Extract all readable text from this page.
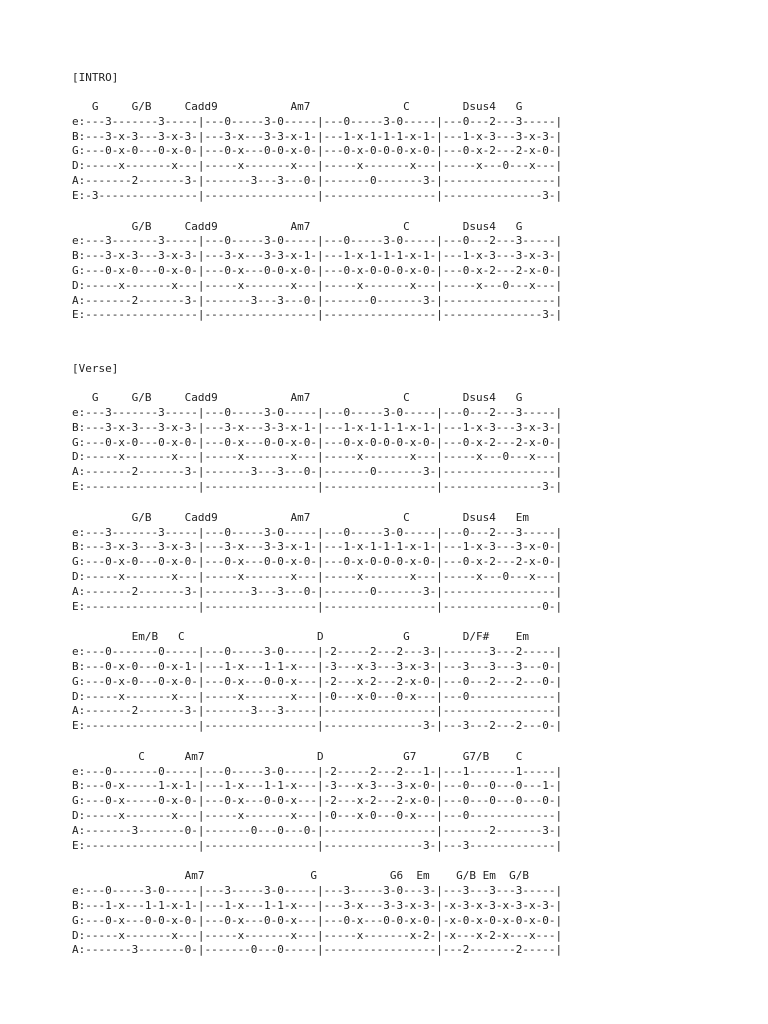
[INTRO]
G     G/B     Cadd9           Am7              C        Dsus4   G
e:---3-------3-----|---0-----3-0-----|---0-----3-0-----|---0---2---3-----|
B:---3-x-3---3-x-3-|---3-x---3-3-x-1-|---1-x-1-1-1-x-1-|---1-x-3---3-x-3-|
G:---0-x-0---0-x-0-|---0-x---0-0-x-0-|---0-x-0-0-0-x-0-|---0-x-2---2-x-0-|
D:-----x-------x---|-----x-------x---|-----x-------x---|-----x---0---x---|
A:-------2-------3-|-------3---3---0-|-------0-------3-|-----------------|
E:-3---------------|-----------------|-----------------|---------------3-|
G/B     Cadd9           Am7              C        Dsus4   G
e:---3-------3-----|---0-----3-0-----|---0-----3-0-----|---0---2---3-----|
B:---3-x-3---3-x-3-|---3-x---3-3-x-1-|---1-x-1-1-1-x-1-|---1-x-3---3-x-3-|
G:---0-x-0---0-x-0-|---0-x---0-0-x-0-|---0-x-0-0-0-x-0-|---0-x-2---2-x-0-|
D:-----x-------x---|-----x-------x---|-----x-------x---|-----x---0---x---|
A:-------2-------3-|-------3---3---0-|-------0-------3-|-----------------|
E:-----------------|-----------------|-----------------|---------------3-|
[Verse]
G     G/B     Cadd9           Am7              C        Dsus4   G
e:---3-------3-----|---0-----3-0-----|---0-----3-0-----|---0---2---3-----|
B:---3-x-3---3-x-3-|---3-x---3-3-x-1-|---1-x-1-1-1-x-1-|---1-x-3---3-x-3-|
G:---0-x-0---0-x-0-|---0-x---0-0-x-0-|---0-x-0-0-0-x-0-|---0-x-2---2-x-0-|
D:-----x-------x---|-----x-------x---|-----x-------x---|-----x---0---x---|
A:-------2-------3-|-------3---3---0-|-------0-------3-|-----------------|
E:-----------------|-----------------|-----------------|---------------3-|
G/B     Cadd9           Am7              C        Dsus4   Em
e:---3-------3-----|---0-----3-0-----|---0-----3-0-----|---0---2---3-----|
B:---3-x-3---3-x-3-|---3-x---3-3-x-1-|---1-x-1-1-1-x-1-|---1-x-3---3-x-0-|
G:---0-x-0---0-x-0-|---0-x---0-0-x-0-|---0-x-0-0-0-x-0-|---0-x-2---2-x-0-|
D:-----x-------x---|-----x-------x---|-----x-------x---|-----x---0---x---|
A:-------2-------3-|-------3---3---0-|-------0-------3-|-----------------|
E:-----------------|-----------------|-----------------|---------------0-|
Em/B   C                    D            G        D/F#    Em
e:---0-------0-----|---0-----3-0-----|-2-----2---2---3-|-------3---2-----|
B:---0-x-0---0-x-1-|---1-x---1-1-x---|-3---x-3---3-x-3-|---3---3---3---0-|
G:---0-x-0---0-x-0-|---0-x---0-0-x---|-2---x-2---2-x-0-|---0---2---2---0-|
D:-----x-------x---|-----x-------x---|-0---x-0---0-x---|---0-------------|
A:-------2-------3-|-------3---3-----|-----------------|-----------------|
E:-----------------|-----------------|---------------3-|---3---2---2---0-|
C      Am7                 D            G7       G7/B    C
e:---0-------0-----|---0-----3-0-----|-2-----2---2---1-|---1-------1-----|
B:---0-x-----1-x-1-|---1-x---1-1-x---|-3---x-3---3-x-0-|---0---0---0---1-|
G:---0-x-----0-x-0-|---0-x---0-0-x---|-2---x-2---2-x-0-|---0---0---0---0-|
D:-----x-------x---|-----x-------x---|-0---x-0---0-x---|---0-------------|
A:-------3-------0-|-------0---0---0-|-----------------|-------2-------3-|
E:-----------------|-----------------|---------------3-|---3-------------|
Am7                G           G6  Em    G/B Em  G/B
e:---0-----3-0-----|---3-----3-0-----|---3-----3-0---3-|---3---3---3-----|
B:---1-x---1-1-x-1-|---1-x---1-1-x---|---3-x---3-3-x-3-|-x-3-x-3-x-3-x-3-|
G:---0-x---0-0-x-0-|---0-x---0-0-x---|---0-x---0-0-x-0-|-x-0-x-0-x-0-x-0-|
D:-----x-------x---|-----x-------x---|-----x-------x-2-|-x---x-2-x---x---|
A:-------3-------0-|-------0---0-----|-----------------|---2-------2-----|
